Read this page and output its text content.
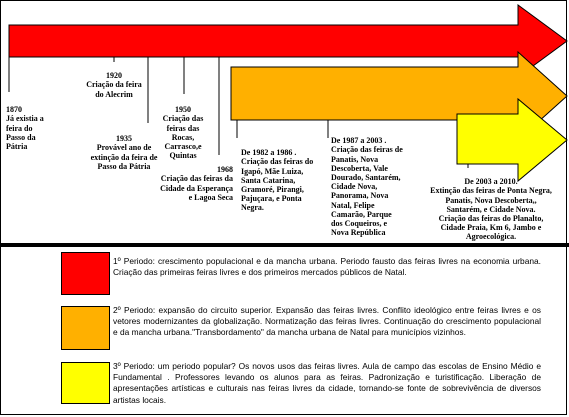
1870
Já existia a
feira do
Passo da
Pátria

1920
Criação da feira
do Alecrim

1935
Provável ano de
extinção da feira de
Passo da Pátria

1950
Criação das
feiras das
Rocas,
Carrasco,e
Quintas

1968
Criação das feiras da
Cidade da Esperança
e Lagoa Seca

De 1982 a 1986 .
Criação das feiras do
Igapó, Mãe Luiza,
Santa Catarina,
Gramoré, Pirangi,
Pajuçara, e Ponta
Negra.

De 1987 a 2003 .
Criação das feiras de
Panatis, Nova
Descoberta, Vale
Dourado, Santarém,
Cidade Nova,
Panorama, Nova
Natal, Felipe
Camarão, Parque
dos Coqueiros, e
Nova República

De 2003 a 2010.
Extinção das feiras de Ponta Negra,
Panatis, Nova Descoberta,,
Santarém, e Cidade Nova.
Criação das feiras do Planalto,
Cidade Praia, Km 6, Jambo e
Agroecológica.

1º Periodo: crescimento populacional e da mancha urbana. Periodo fausto das feiras livres na economia urbana. Criação das primeiras feiras livres e dos primeiros mercados públicos de Natal.
2º Periodo: expansão do circuito superior. Expansão das feiras livres. Conflito ideológico entre feiras livres e os vetores modernizantes da globalização. Normatização das feiras livres. Continuação do crescimento populacional e da mancha urbana."Transbordamento" da mancha urbana de Natal para municípios vizinhos.
3º Periodo: um periodo popular? Os novos usos das feiras livres. Aula de campo das escolas de Ensino Médio e Fundamental . Professores levando os alunos para as feiras. Padronização e turistificação. Liberação de apresentações artísticas e culturais nas feiras livres da cidade, tornando-se fonte de sobrevivência de diversos artistas locais.
